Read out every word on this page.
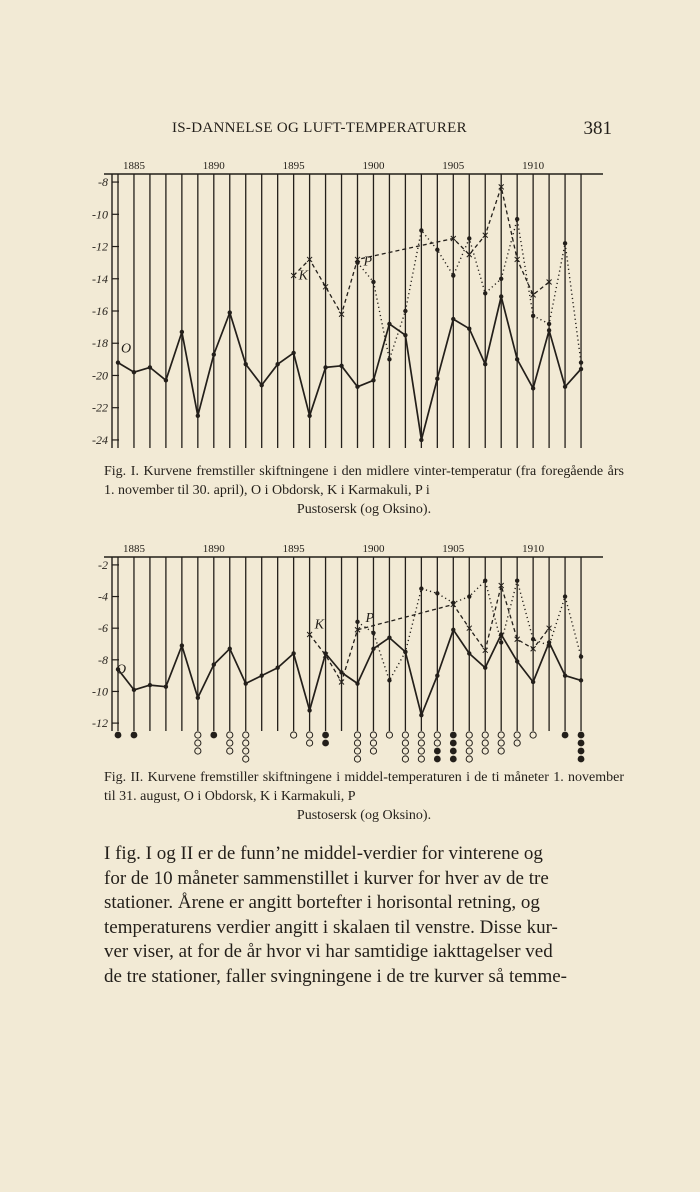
IS-DANNELSE OG LUFT-TEMPERATURER	381
1885	1890	1895	1900	1905	1910
-8
-10
-12
-14
-16
-18
-20
-22
-24
O
K
P
Fig. I. Kurvene fremstiller skiftningene i den midlere vinter-temperatur (fra foregående års 1. november til 30. april), O i Obdorsk, K i Karmakuli, P i
Pustosersk (og Oksino).
1885	1890	1895	1900	1905	1910
-2
-4
-6
-8
-10
-12
O
K	P
Fig. II. Kurvene fremstiller skiftningene i middel-temperaturen i de ti måneter 1. november til 31. august, O i Obdorsk, K i Karmakuli, P
Pustosersk (og Oksino).

I fig. I og II er de funn’ne middel-verdier for vinterene og

for de 10 måneter sammenstillet i kurver for hver av de tre

stationer. Årene er angitt bortefter i horisontal retning, og

temperaturens verdier angitt i skalaen til venstre. Disse kur-

ver viser, at for de år hvor vi har samtidige iakttagelser ved

de tre stationer, faller svingningene i de tre kurver så temme-
